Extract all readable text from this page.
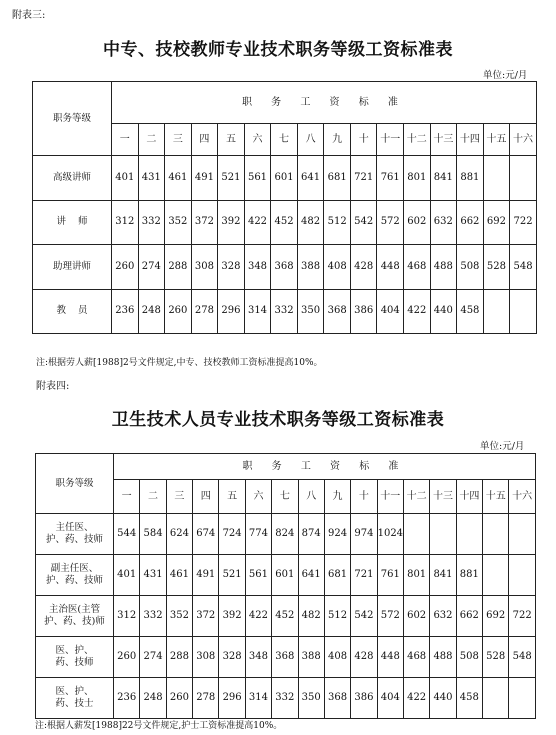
附表三:
中专、技校教师专业技术职务等级工资标准表
单位:元/月
职务等级	职 务 工 资 标 准															
	一	二	三	四	五	六	七	八	九	十	十一	十二	十三	十四	十五	十六
高级讲师	401	431	461	491	521	561	601	641	681	721	761	801	841	881		
讲    师	312	332	352	372	392	422	452	482	512	542	572	602	632	662	692	722
助理讲师	260	274	288	308	328	348	368	388	408	428	448	468	488	508	528	548
教    员	236	248	260	278	296	314	332	350	368	386	404	422	440	458		
注:根据劳人薪[1988]2号文件规定,中专、技校教师工资标准提高10%。
附表四:
卫生技术人员专业技术职务等级工资标准表
单位:元/月
职务等级	职 务 工 资 标 准															
	一	二	三	四	五	六	七	八	九	十	十一	十二	十三	十四	十五	十六

主任医、
护、药、技师	544	584	624	674	724	774	824	874	924	974	1024					

副主任医、
护、药、技师	401	431	461	491	521	561	601	641	681	721	761	801	841	881		

主治医(主管
护、药、技)师	312	332	352	372	392	422	452	482	512	542	572	602	632	662	692	722

医、护、
药、技师	260	274	288	308	328	348	368	388	408	428	448	468	488	508	528	548

医、护、
药、技士	236	248	260	278	296	314	332	350	368	386	404	422	440	458		
注:根据人薪发[1988]22号文件规定,护士工资标准提高10%。
